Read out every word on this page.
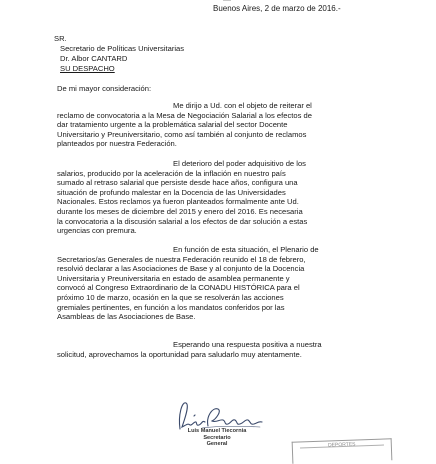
Buenos Aires, 2 de marzo de 2016.-
SR.
Secretario de Políticas Universitarias
Dr. Albor CANTARD
SU DESPACHO
De mi mayor consideración:
Me dirijo a Ud. con el objeto de reiterar el
reclamo de convocatoria a la Mesa de Negociación Salarial a los efectos de
dar tratamiento urgente a la problemática salarial del sector Docente
Universitario y Preuniversitario, como así también al conjunto de reclamos
planteados por nuestra Federación.
El deterioro del poder adquisitivo de los
salarios, producido por la aceleración de la inflación en nuestro país
sumado al retraso salarial que persiste desde hace años, configura una
situación de profundo malestar en la Docencia de las Universidades
Nacionales. Estos reclamos ya fueron planteados formalmente ante Ud.
durante los meses de diciembre del 2015 y enero del 2016. Es necesaria
la convocatoria a la discusión salarial a los efectos de dar solución a estas
urgencias con premura.
En función de esta situación, el Plenario de
Secretarios/as Generales de nuestra Federación reunido el 18 de febrero,
resolvió declarar a las Asociaciones de Base y al conjunto de la Docencia
Universitaria y Preuniversitaria en estado de asamblea permanente y
convocó al Congreso Extraordinario de la CONADU HISTÓRICA para el
próximo 10 de marzo, ocasión en la que se resolverán las acciones
gremiales pertinentes, en función a los mandatos conferidos por las
Asambleas de las Asociaciones de Base.
Esperando una respuesta positiva a nuestra
solicitud, aprovechamos la oportunidad para saludarlo muy atentamente.
Luis Manuel Tiecornia
Secretario
General	DEPORTES
